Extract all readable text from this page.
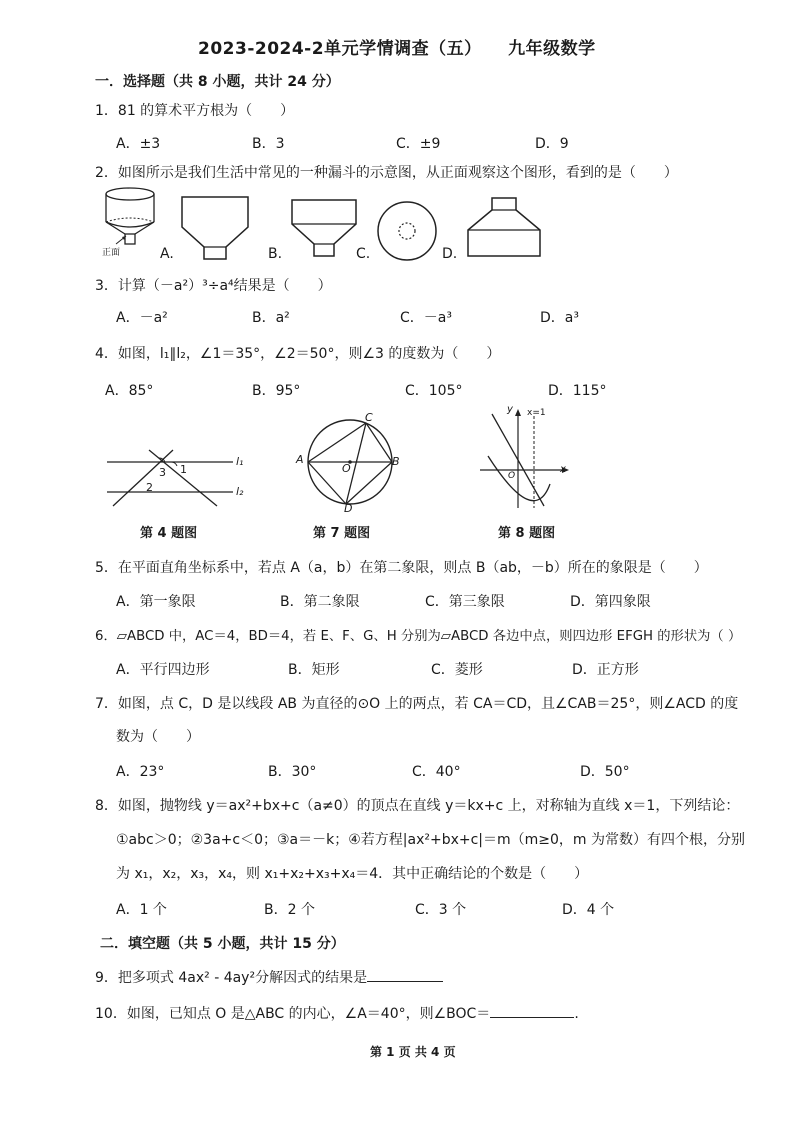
2023-2024-2单元学情调查（五）　　九年级数学
一．选择题（共 8 小题，共计 24 分）
1．81 的算术平方根为（　　）
A．±3	B．3	C．±9	D．9
2．如图所示是我们生活中常见的一种漏斗的示意图，从正面观察这个图形，看到的是（　　）
正面	A.	B.	C.	D.
3．计算（－a²）³÷a⁴结果是（　　）
A．－a²	B．a²	C．－a³	D．a³
4．如图，l₁∥l₂，∠1＝35°，∠2＝50°，则∠3 的度数为（　　）
A．85°	B．95°	C．105°	D．115°
l₁
l₂
1
2
3
第 4 题图
A	B
C
D
O
第 7 题图
y
x
x=1
O
第 8 题图
5．在平面直角坐标系中，若点 A（a，b）在第二象限，则点 B（ab，－b）所在的象限是（　　）
A．第一象限	B．第二象限	C．第三象限	D．第四象限
6．▱ABCD 中，AC＝4，BD＝4，若 E、F、G、H 分别为▱ABCD 各边中点，则四边形 EFGH 的形状为（ ）
A．平行四边形	B．矩形	C．菱形	D．正方形
7．如图，点 C，D 是以线段 AB 为直径的⊙O 上的两点，若 CA＝CD，且∠CAB＝25°，则∠ACD 的度
数为（　　）
A．23°	B．30°	C．40°	D．50°
8．如图，抛物线 y＝ax²+bx+c（a≠0）的顶点在直线 y＝kx+c 上，对称轴为直线 x＝1，下列结论：
①abc＞0；②3a+c＜0；③a＝－k；④若方程|ax²+bx+c|＝m（m≥0，m 为常数）有四个根，分别
为 x₁，x₂，x₃，x₄，则 x₁+x₂+x₃+x₄＝4．其中正确结论的个数是（　　）
A．1 个	B．2 个	C．3 个	D．4 个
二．填空题（共 5 小题，共计 15 分）
9．把多项式 4ax² - 4ay²分解因式的结果是
10．如图，已知点 O 是△ABC 的内心，∠A＝40°，则∠BOC＝	.
第 1 页 共 4 页
